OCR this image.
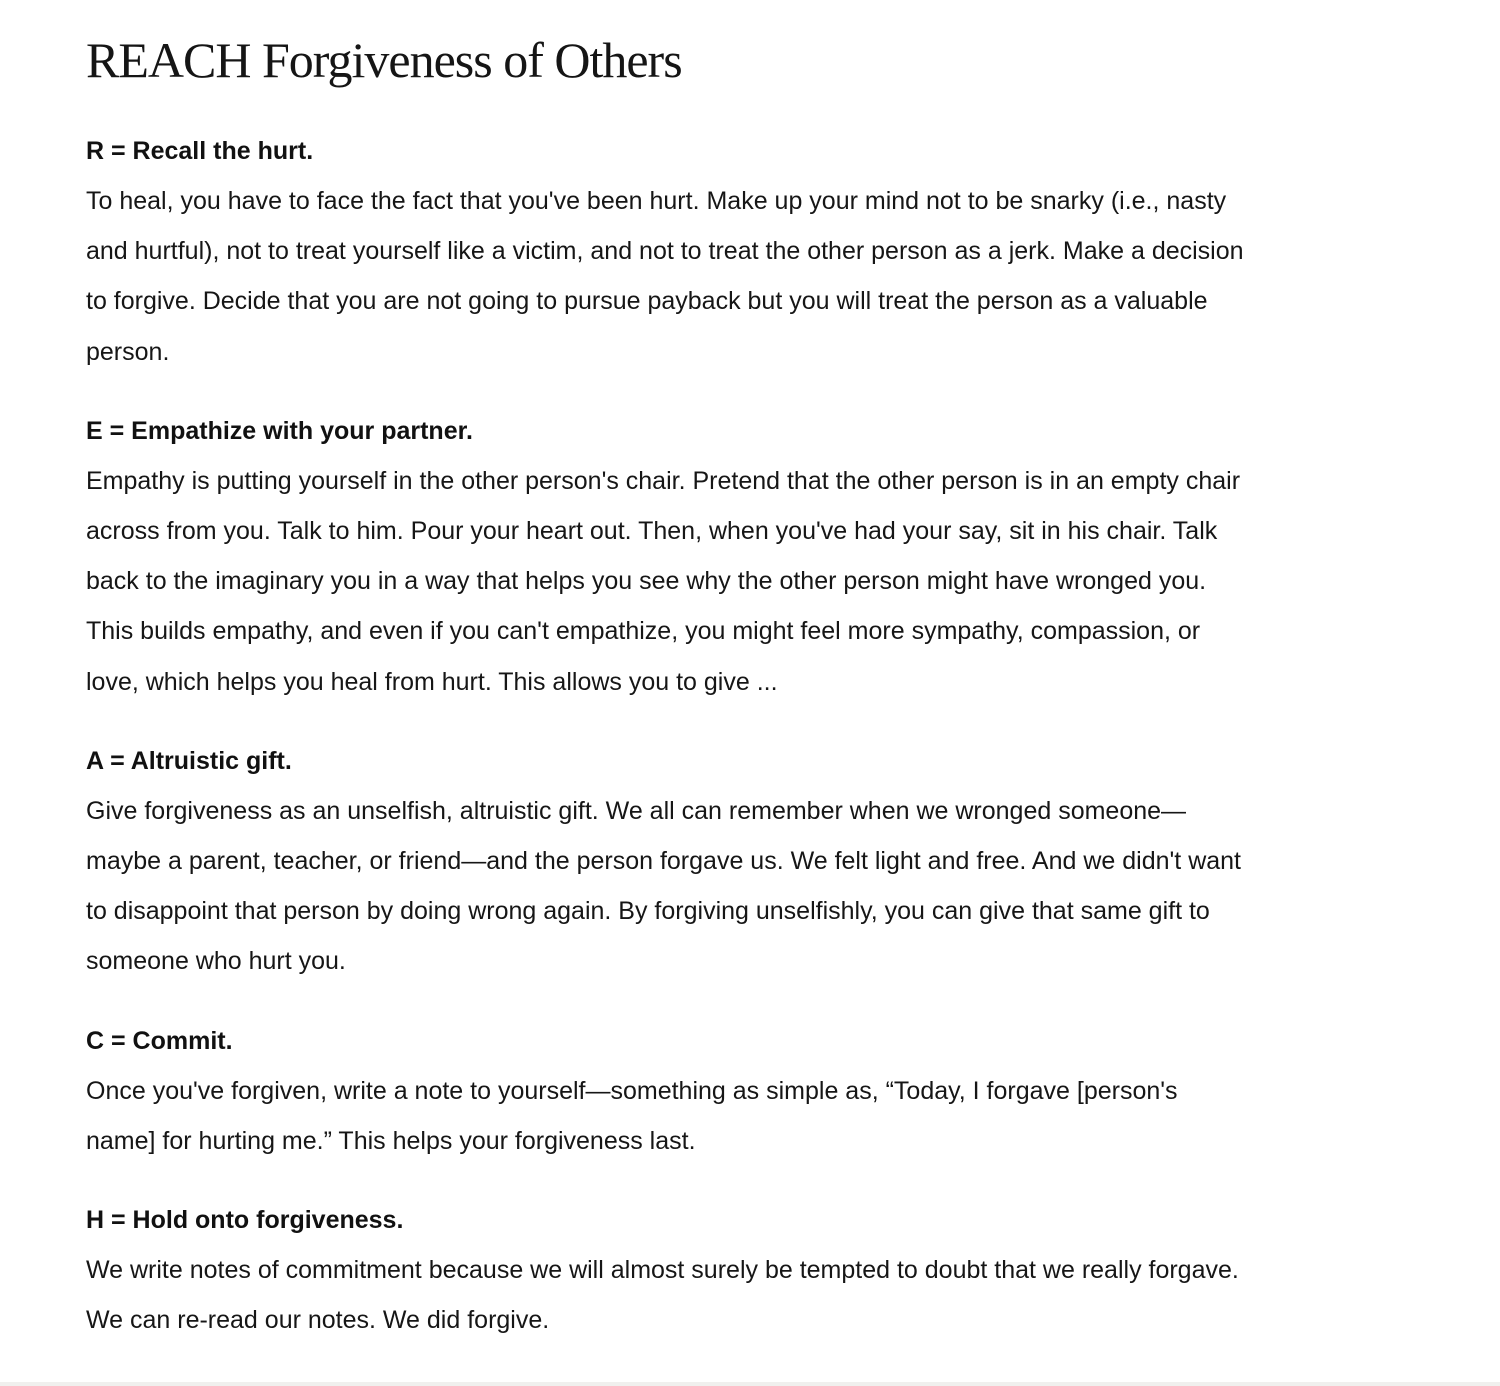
REACH Forgiveness of Others
R = Recall the hurt.
To heal, you have to face the fact that you've been hurt. Make up your mind not to be snarky (i.e., nasty
and hurtful), not to treat yourself like a victim, and not to treat the other person as a jerk. Make a decision
to forgive. Decide that you are not going to pursue payback but you will treat the person as a valuable
person.
E = Empathize with your partner.
Empathy is putting yourself in the other person's chair. Pretend that the other person is in an empty chair
across from you. Talk to him. Pour your heart out. Then, when you've had your say, sit in his chair. Talk
back to the imaginary you in a way that helps you see why the other person might have wronged you.
This builds empathy, and even if you can't empathize, you might feel more sympathy, compassion, or
love, which helps you heal from hurt. This allows you to give ...
A = Altruistic gift.
Give forgiveness as an unselfish, altruistic gift. We all can remember when we wronged someone—
maybe a parent, teacher, or friend—and the person forgave us. We felt light and free. And we didn't want
to disappoint that person by doing wrong again. By forgiving unselfishly, you can give that same gift to
someone who hurt you.
C = Commit.
Once you've forgiven, write a note to yourself—something as simple as, “Today, I forgave [person's
name] for hurting me.” This helps your forgiveness last.
H = Hold onto forgiveness.
We write notes of commitment because we will almost surely be tempted to doubt that we really forgave.
We can re-read our notes. We did forgive.
